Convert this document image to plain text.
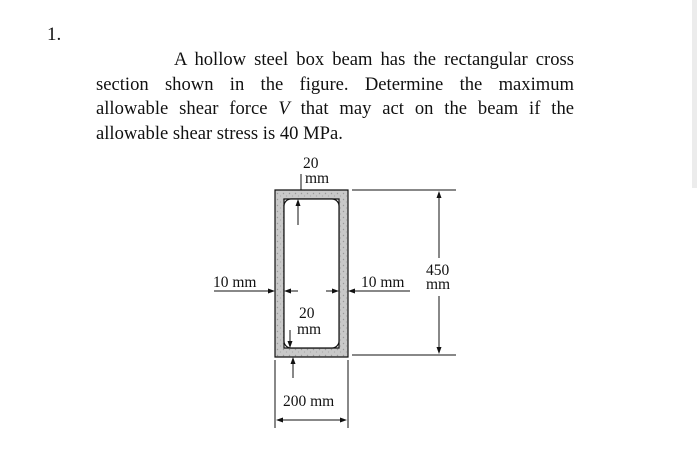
1.
A hollow steel box beam has the rectangular cross
section shown in the figure. Determine the maximum
allowable shear force V that may act on the beam if the
allowable shear stress is 40 MPa.
20
mm
20
mm
10 mm	10 mm
450
mm
200 mm
